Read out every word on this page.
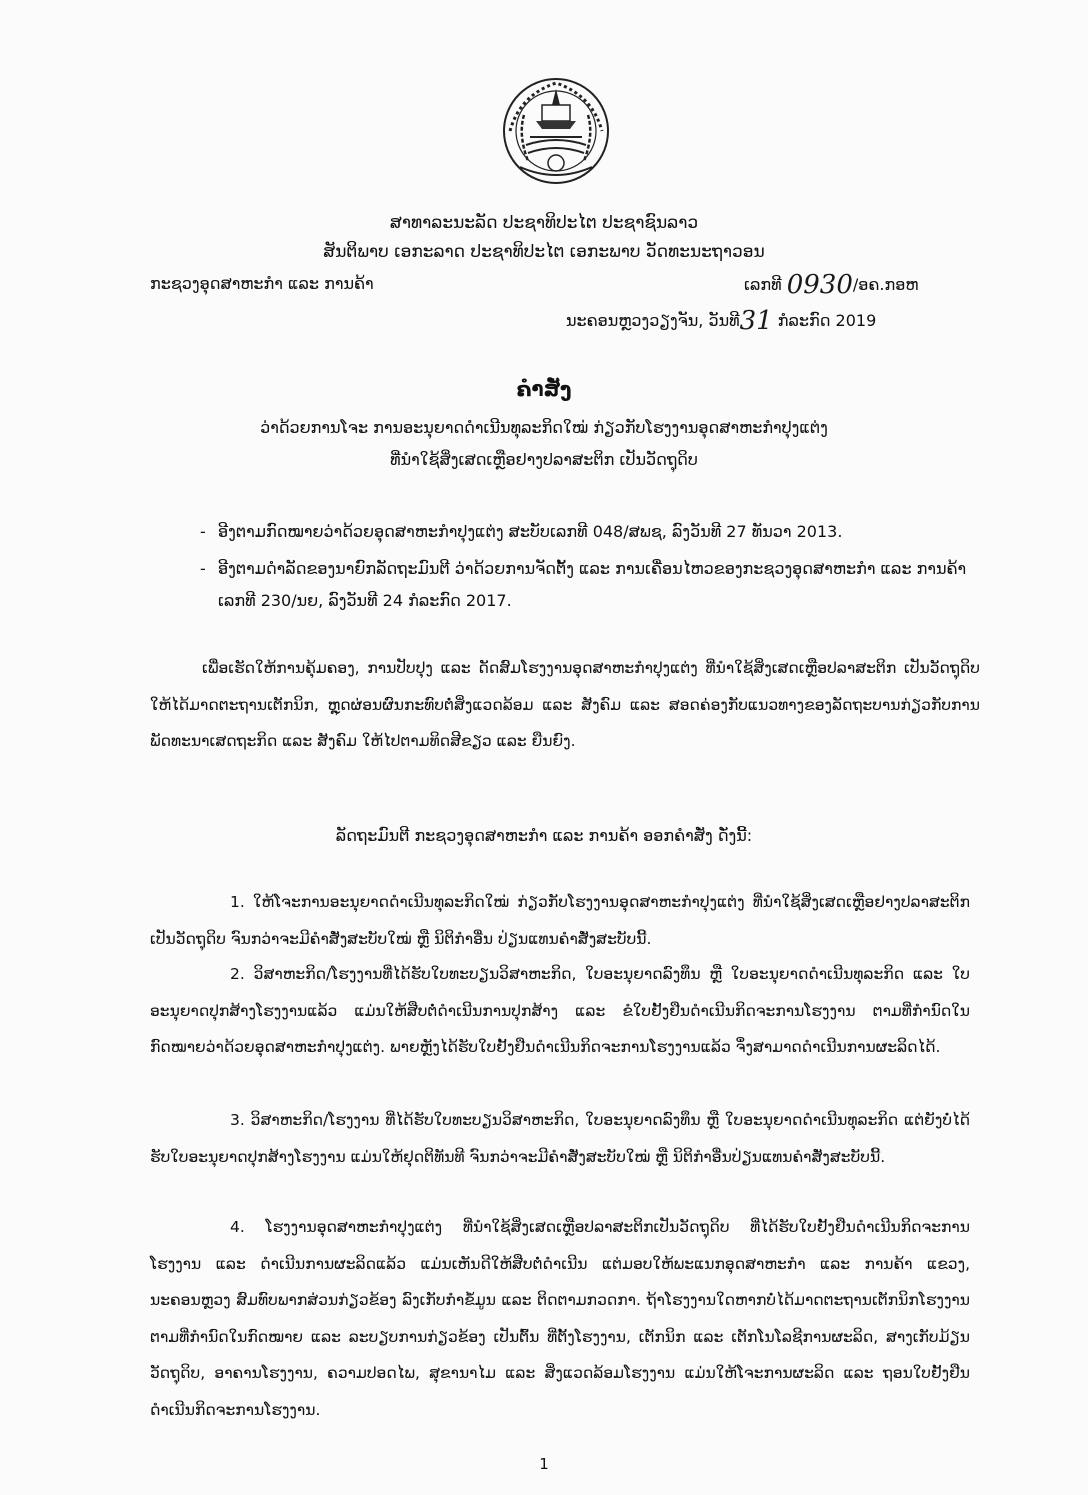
ສາທາລະນະລັດ ປະຊາທິປະໄຕ ປະຊາຊົນລາວ
ສັນຕິພາບ ເອກະລາດ ປະຊາທິປະໄຕ ເອກະພາບ ວັດທະນະຖາວອນ
ກະຊວງອຸດສາຫະກຳ ແລະ ການຄ້າ	ເລກທີ 0930/ອຄ.ກອຫ
ນະຄອນຫຼວງວຽງຈັນ, ວັນທີ31 ກໍລະກົດ 2019
ຄຳສັ່ງ
ວ່າດ້ວຍການໂຈະ ການອະນຸຍາດດຳເນີນທຸລະກິດໃໝ່ ກ່ຽວກັບໂຮງງານອຸດສາຫະກຳປຸງແຕ່ງ
ທີ່ນຳໃຊ້ສິ່ງເສດເຫຼືອຢາງປລາສະຕິກ ເປັນວັດຖຸດິບ
- ອີງຕາມກົດໝາຍວ່າດ້ວຍອຸດສາຫະກຳປຸງແຕ່ງ ສະບັບເລກທີ 048/ສພຊ, ລົງວັນທີ 27 ທັນວາ 2013.
- ອີງຕາມດຳລັດຂອງນາຍົກລັດຖະມົນຕີ ວ່າດ້ວຍການຈັດຕັ້ງ ແລະ ການເຄື່ອນໄຫວຂອງກະຊວງອຸດສາຫະກຳ ແລະ ການຄ້າ ເລກທີ 230/ນຍ, ລົງວັນທີ 24 ກໍລະກົດ 2017.
ເພື່ອເຮັດໃຫ້ການຄຸ້ມຄອງ, ການປັບປຸງ ແລະ ດັດສົມໂຮງງານອຸດສາຫະກຳປຸງແຕ່ງ ທີ່ນຳໃຊ້ສິ່ງເສດເຫຼືອປລາສະຕິກ ເປັນວັດຖຸດິບ ໃຫ້ໄດ້ມາດຕະຖານເຕັກນິກ, ຫຼຸດຜ່ອນຜົນກະທົບຕໍ່ສິ່ງແວດລ້ອມ ແລະ ສັງຄົມ ແລະ ສອດຄ່ອງກັບແນວທາງຂອງລັດຖະບານກ່ຽວກັບການພັດທະນາເສດຖະກິດ ແລະ ສັງຄົມ ໃຫ້ໄປຕາມທິດສີຂຽວ ແລະ ຍືນຍົງ.
ລັດຖະມົນຕີ ກະຊວງອຸດສາຫະກຳ ແລະ ການຄ້າ ອອກຄຳສັ່ງ ດັ່ງນີ້:
1. ໃຫ້ໂຈະການອະນຸຍາດດຳເນີນທຸລະກິດໃໝ່ ກ່ຽວກັບໂຮງງານອຸດສາຫະກຳປຸງແຕ່ງ ທີ່ນຳໃຊ້ສິ່ງເສດເຫຼືອຢາງປລາສະຕິກເປັນວັດຖຸດິບ ຈົນກວ່າຈະມີຄຳສັ່ງສະບັບໃໝ່ ຫຼື ນິຕິກຳອື່ນ ປ່ຽນແທນຄຳສັ່ງສະບັບນີ້.
2. ວິສາຫະກິດ/ໂຮງງານທີ່ໄດ້ຮັບໃບທະບຽນວິສາຫະກິດ, ໃບອະນຸຍາດລົງທຶນ ຫຼື ໃບອະນຸຍາດດຳເນີນທຸລະກິດ ແລະ ໃບອະນຸຍາດປຸກສ້າງໂຮງງານແລ້ວ ແມ່ນໃຫ້ສືບຕໍ່ດຳເນີນການປຸກສ້າງ ແລະ ຂໍໃບຢັ້ງຢືນດຳເນີນກິດຈະການໂຮງງານ ຕາມທີ່ກຳນົດໃນກົດໝາຍວ່າດ້ວຍອຸດສາຫະກຳປຸງແຕ່ງ. ພາຍຫຼັງໄດ້ຮັບໃບຢັ້ງຢືນດຳເນີນກິດຈະການໂຮງງານແລ້ວ ຈຶ່ງສາມາດດຳເນີນການຜະລິດໄດ້.
3. ວິສາຫະກິດ/ໂຮງງານ ທີ່ໄດ້ຮັບໃບທະບຽນວິສາຫະກິດ, ໃບອະນຸຍາດລົງທຶນ ຫຼື ໃບອະນຸຍາດດຳເນີນທຸລະກິດ ແຕ່ຍັງບໍ່ໄດ້ຮັບໃບອະນຸຍາດປຸກສ້າງໂຮງງານ ແມ່ນໃຫ້ຢຸດຕິທັນທີ ຈົນກວ່າຈະມີຄຳສັ່ງສະບັບໃໝ່ ຫຼື ນິຕິກຳອື່ນປ່ຽນແທນຄຳສັ່ງສະບັບນີ້.
4. ໂຮງງານອຸດສາຫະກຳປຸງແຕ່ງ ທີ່ນຳໃຊ້ສິ່ງເສດເຫຼືອປລາສະຕິກເປັນວັດຖຸດິບ ທີ່ໄດ້ຮັບໃບຢັ້ງຢືນດຳເນີນກິດຈະການໂຮງງານ ແລະ ດຳເນີນການຜະລິດແລ້ວ ແມ່ນເຫັນດີໃຫ້ສືບຕໍ່ດຳເນີນ ແຕ່ມອບໃຫ້ພະແນກອຸດສາຫະກຳ ແລະ ການຄ້າ ແຂວງ, ນະຄອນຫຼວງ ສົມທົບພາກສ່ວນກ່ຽວຂ້ອງ ລົງເກັບກຳຂໍ້ມູນ ແລະ ຕິດຕາມກວດກາ. ຖ້າໂຮງງານໃດຫາກບໍ່ໄດ້ມາດຕະຖານເຕັກນິກໂຮງງານ ຕາມທີ່ກຳນົດໃນກົດໝາຍ ແລະ ລະບຽບການກ່ຽວຂ້ອງ ເປັນຕົ້ນ ທີ່ຕັ້ງໂຮງງານ, ເຕັກນິກ ແລະ ເຕັກໂນໂລຊີການຜະລິດ, ສາງເກັບມ້ຽນວັດຖຸດິບ, ອາຄານໂຮງງານ, ຄວາມປອດໄພ, ສຸຂານາໄມ ແລະ ສິ່ງແວດລ້ອມໂຮງງານ ແມ່ນໃຫ້ໂຈະການຜະລິດ ແລະ ຖອນໃບຢັ້ງຢືນດຳເນີນກິດຈະການໂຮງງານ.
1
